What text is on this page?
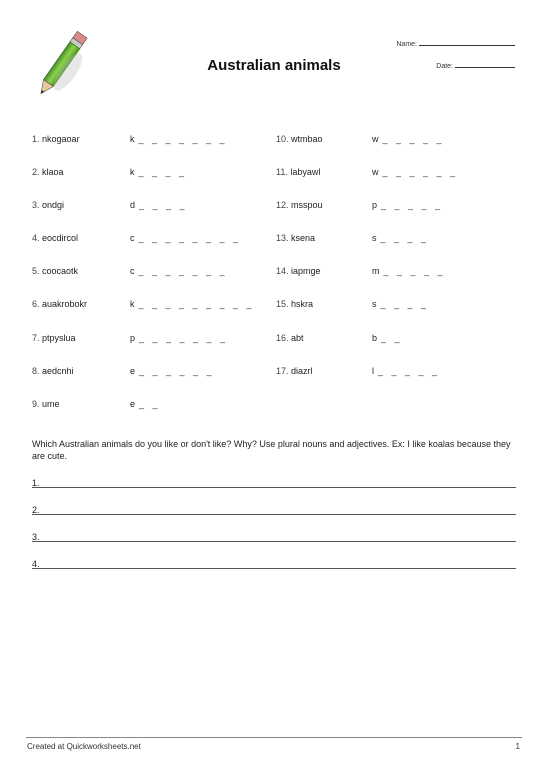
Australian animals
Name:
Date:
1. nkogaoar	k _ _ _ _ _ _ _
2. klaoa	k _ _ _ _
3. ondgi	d _ _ _ _
4. eocdircol	c _ _ _ _ _ _ _ _
5. coocaotk	c _ _ _ _ _ _ _
6. auakrobokr	k _ _ _ _ _ _ _ _ _
7. ptpyslua	p _ _ _ _ _ _ _
8. aedcnhi	e _ _ _ _ _ _
9. ume	e _ _
10. wtmbao	w _ _ _ _ _
11. labyawl	w _ _ _ _ _ _
12. msspou	p _ _ _ _ _
13. ksena	s _ _ _ _
14. iapmge	m _ _ _ _ _
15. hskra	s _ _ _ _
16. abt	b _ _
17. diazrl	l _ _ _ _ _
Which Australian animals do you like or don't like? Why? Use plural nouns and adjectives. Ex: I like koalas because they are cute.
1.
2.
3.
4.
Created at Quickworksheets.net	1
